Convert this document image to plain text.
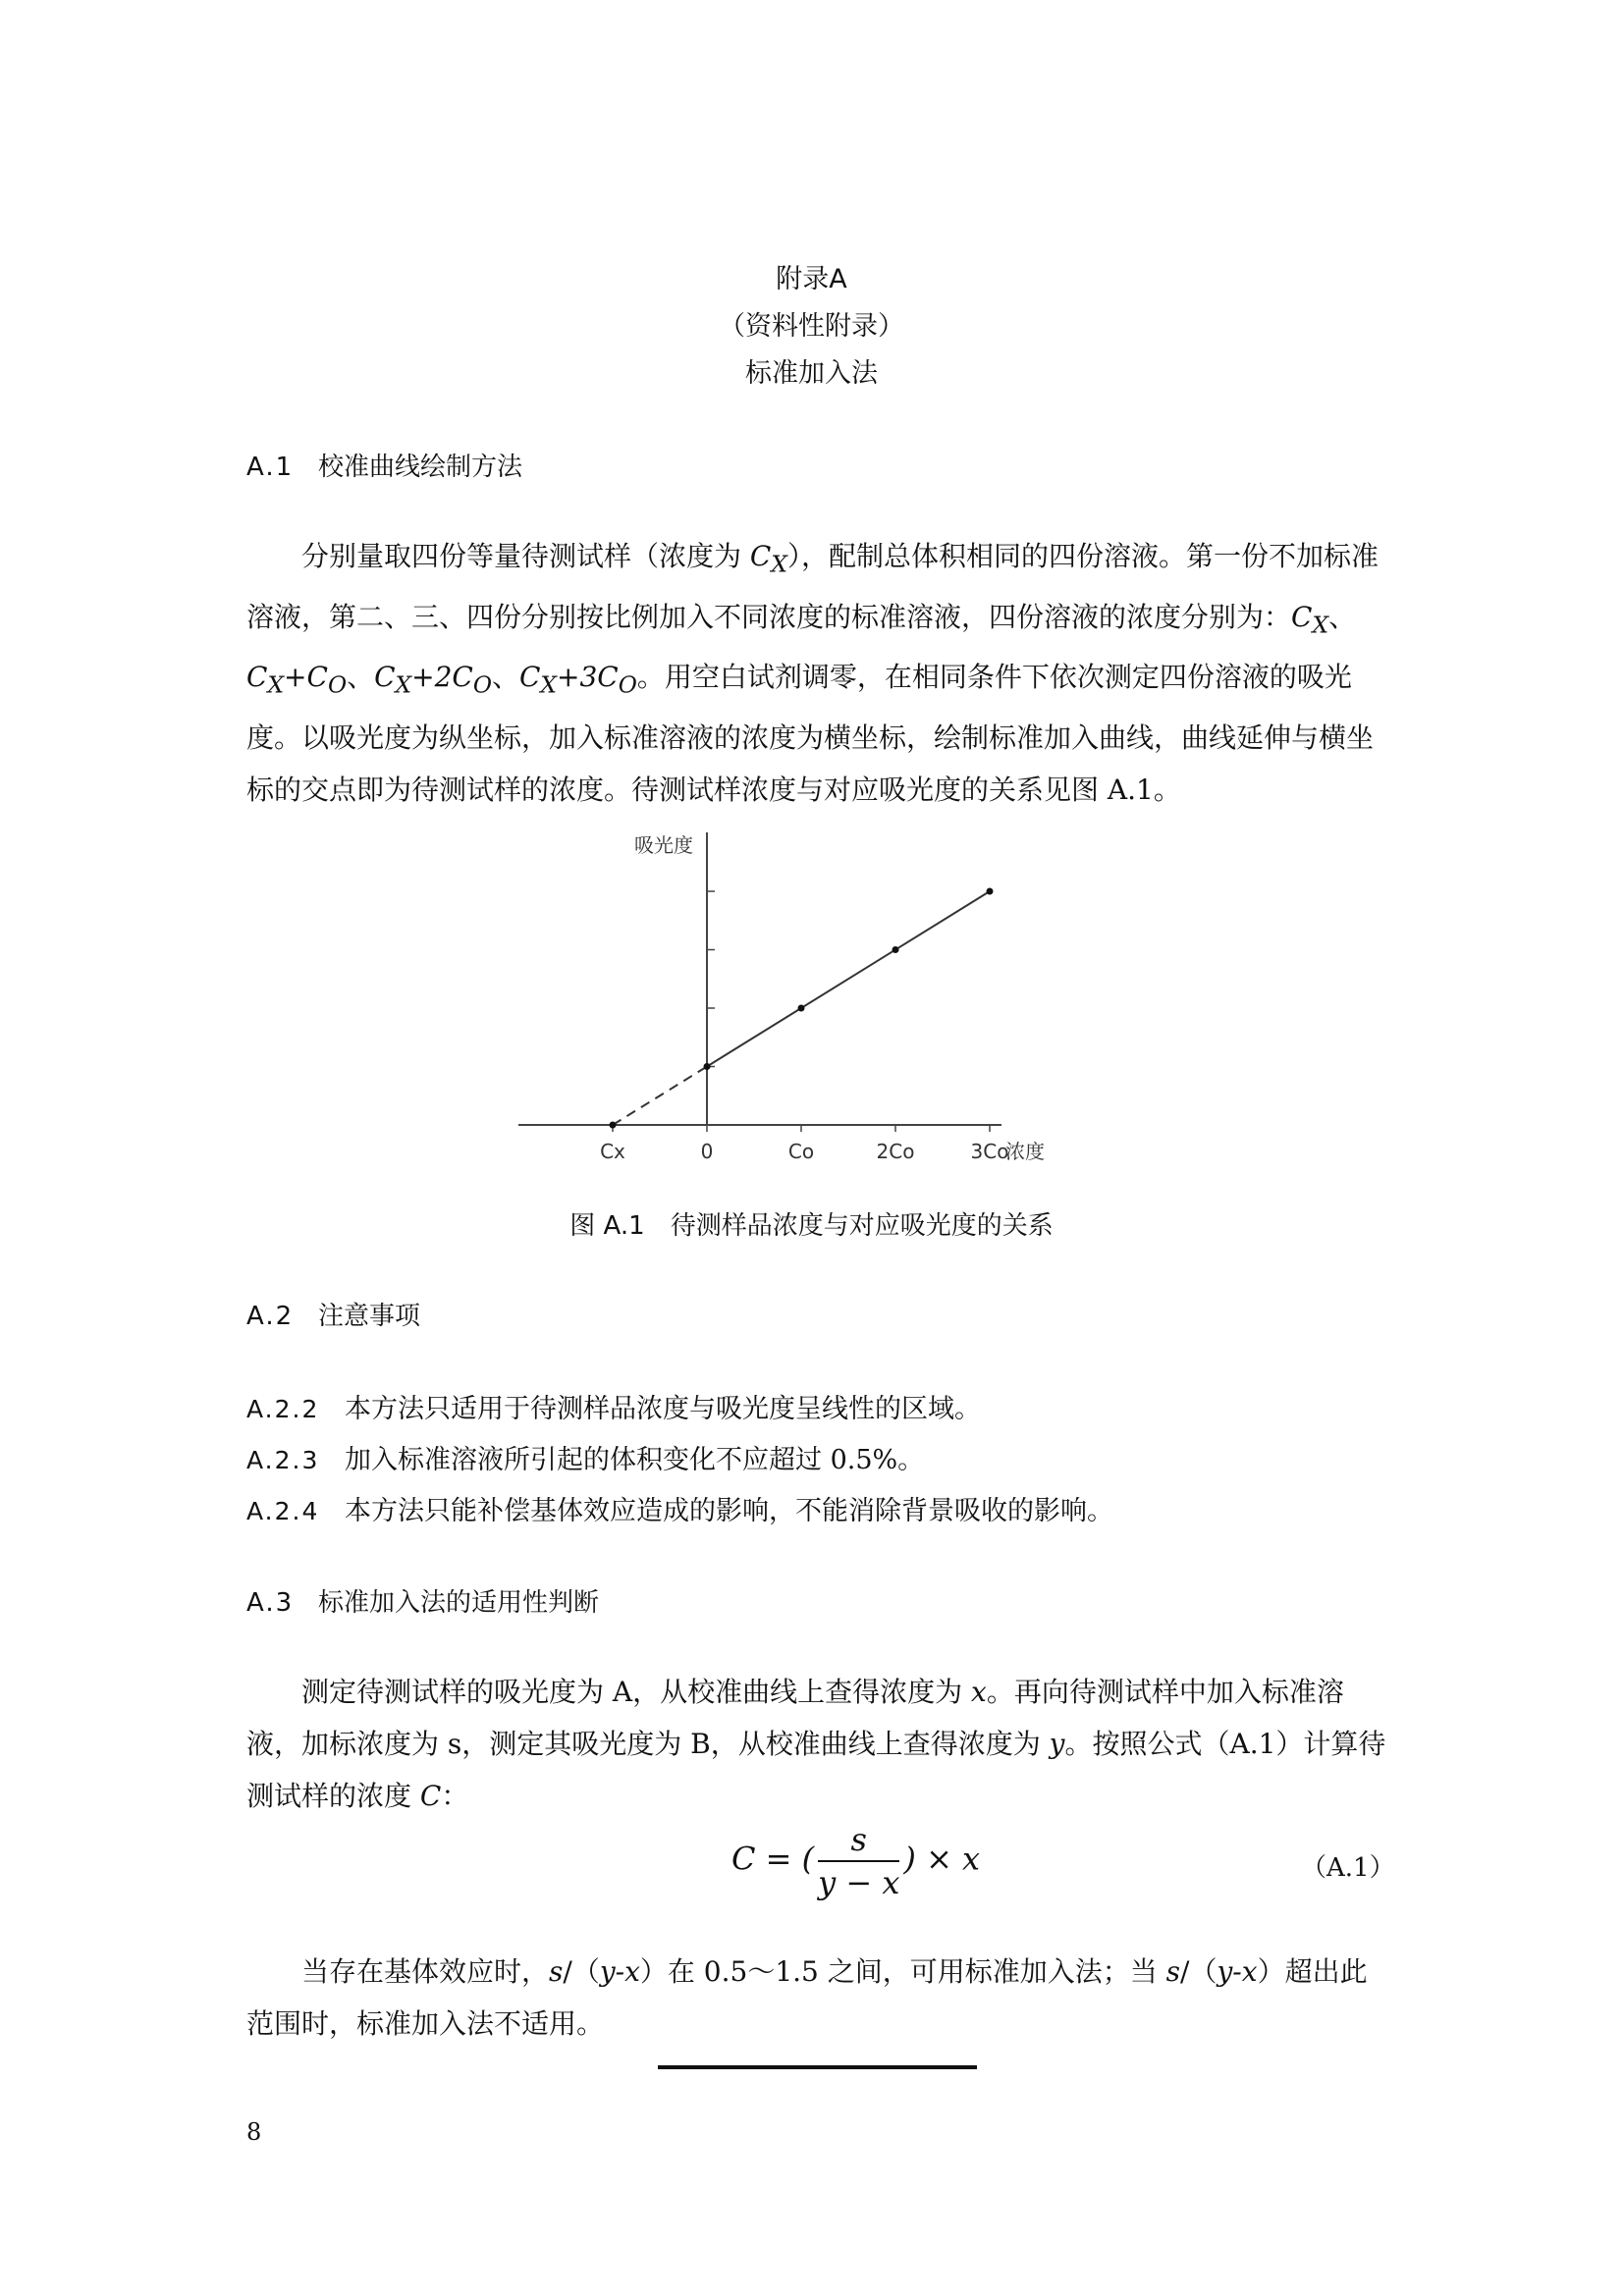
附录A
（资料性附录）
标准加入法
A.1 校准曲线绘制方法

分别量取四份等量待测试样（浓度为 $C_X$），配制总体积相同的四份溶液。第一份不加标准溶液，第二、三、四份分别按比例加入不同浓度的标准溶液，四份溶液的浓度分别为：$C_X$、$C_X+C_O$、$C_X+2C_O$、$C_X+3C_O$。用空白试剂调零，在相同条件下依次测定四份溶液的吸光度。以吸光度为纵坐标，加入标准溶液的浓度为横坐标，绘制标准加入曲线，曲线延伸与横坐标的交点即为待测试样的浓度。待测试样浓度与对应吸光度的关系见图 A.1。

Cx	0	Co	2Co	3Co
吸光度
浓度
图 A.1　待测样品浓度与对应吸光度的关系
A.2 注意事项
A.2.2 本方法只适用于待测样品浓度与吸光度呈线性的区域。
A.2.3 加入标准溶液所引起的体积变化不应超过 0.5%。
A.2.4 本方法只能补偿基体效应造成的影响，不能消除背景吸收的影响。
A.3 标准加入法的适用性判断

测定待测试样的吸光度为 A，从校准曲线上查得浓度为 x。再向待测试样中加入标准溶液，加标浓度为 s，测定其吸光度为 B，从校准曲线上查得浓度为 y。按照公式（A.1）计算待测试样的浓度 C：

C = ( $\frac{s}{y - x}$ ) × x	（A.1）

当存在基体效应时，s/（y-x）在 0.5～1.5 之间，可用标准加入法；当 s/（y-x）超出此范围时，标准加入法不适用。

8
